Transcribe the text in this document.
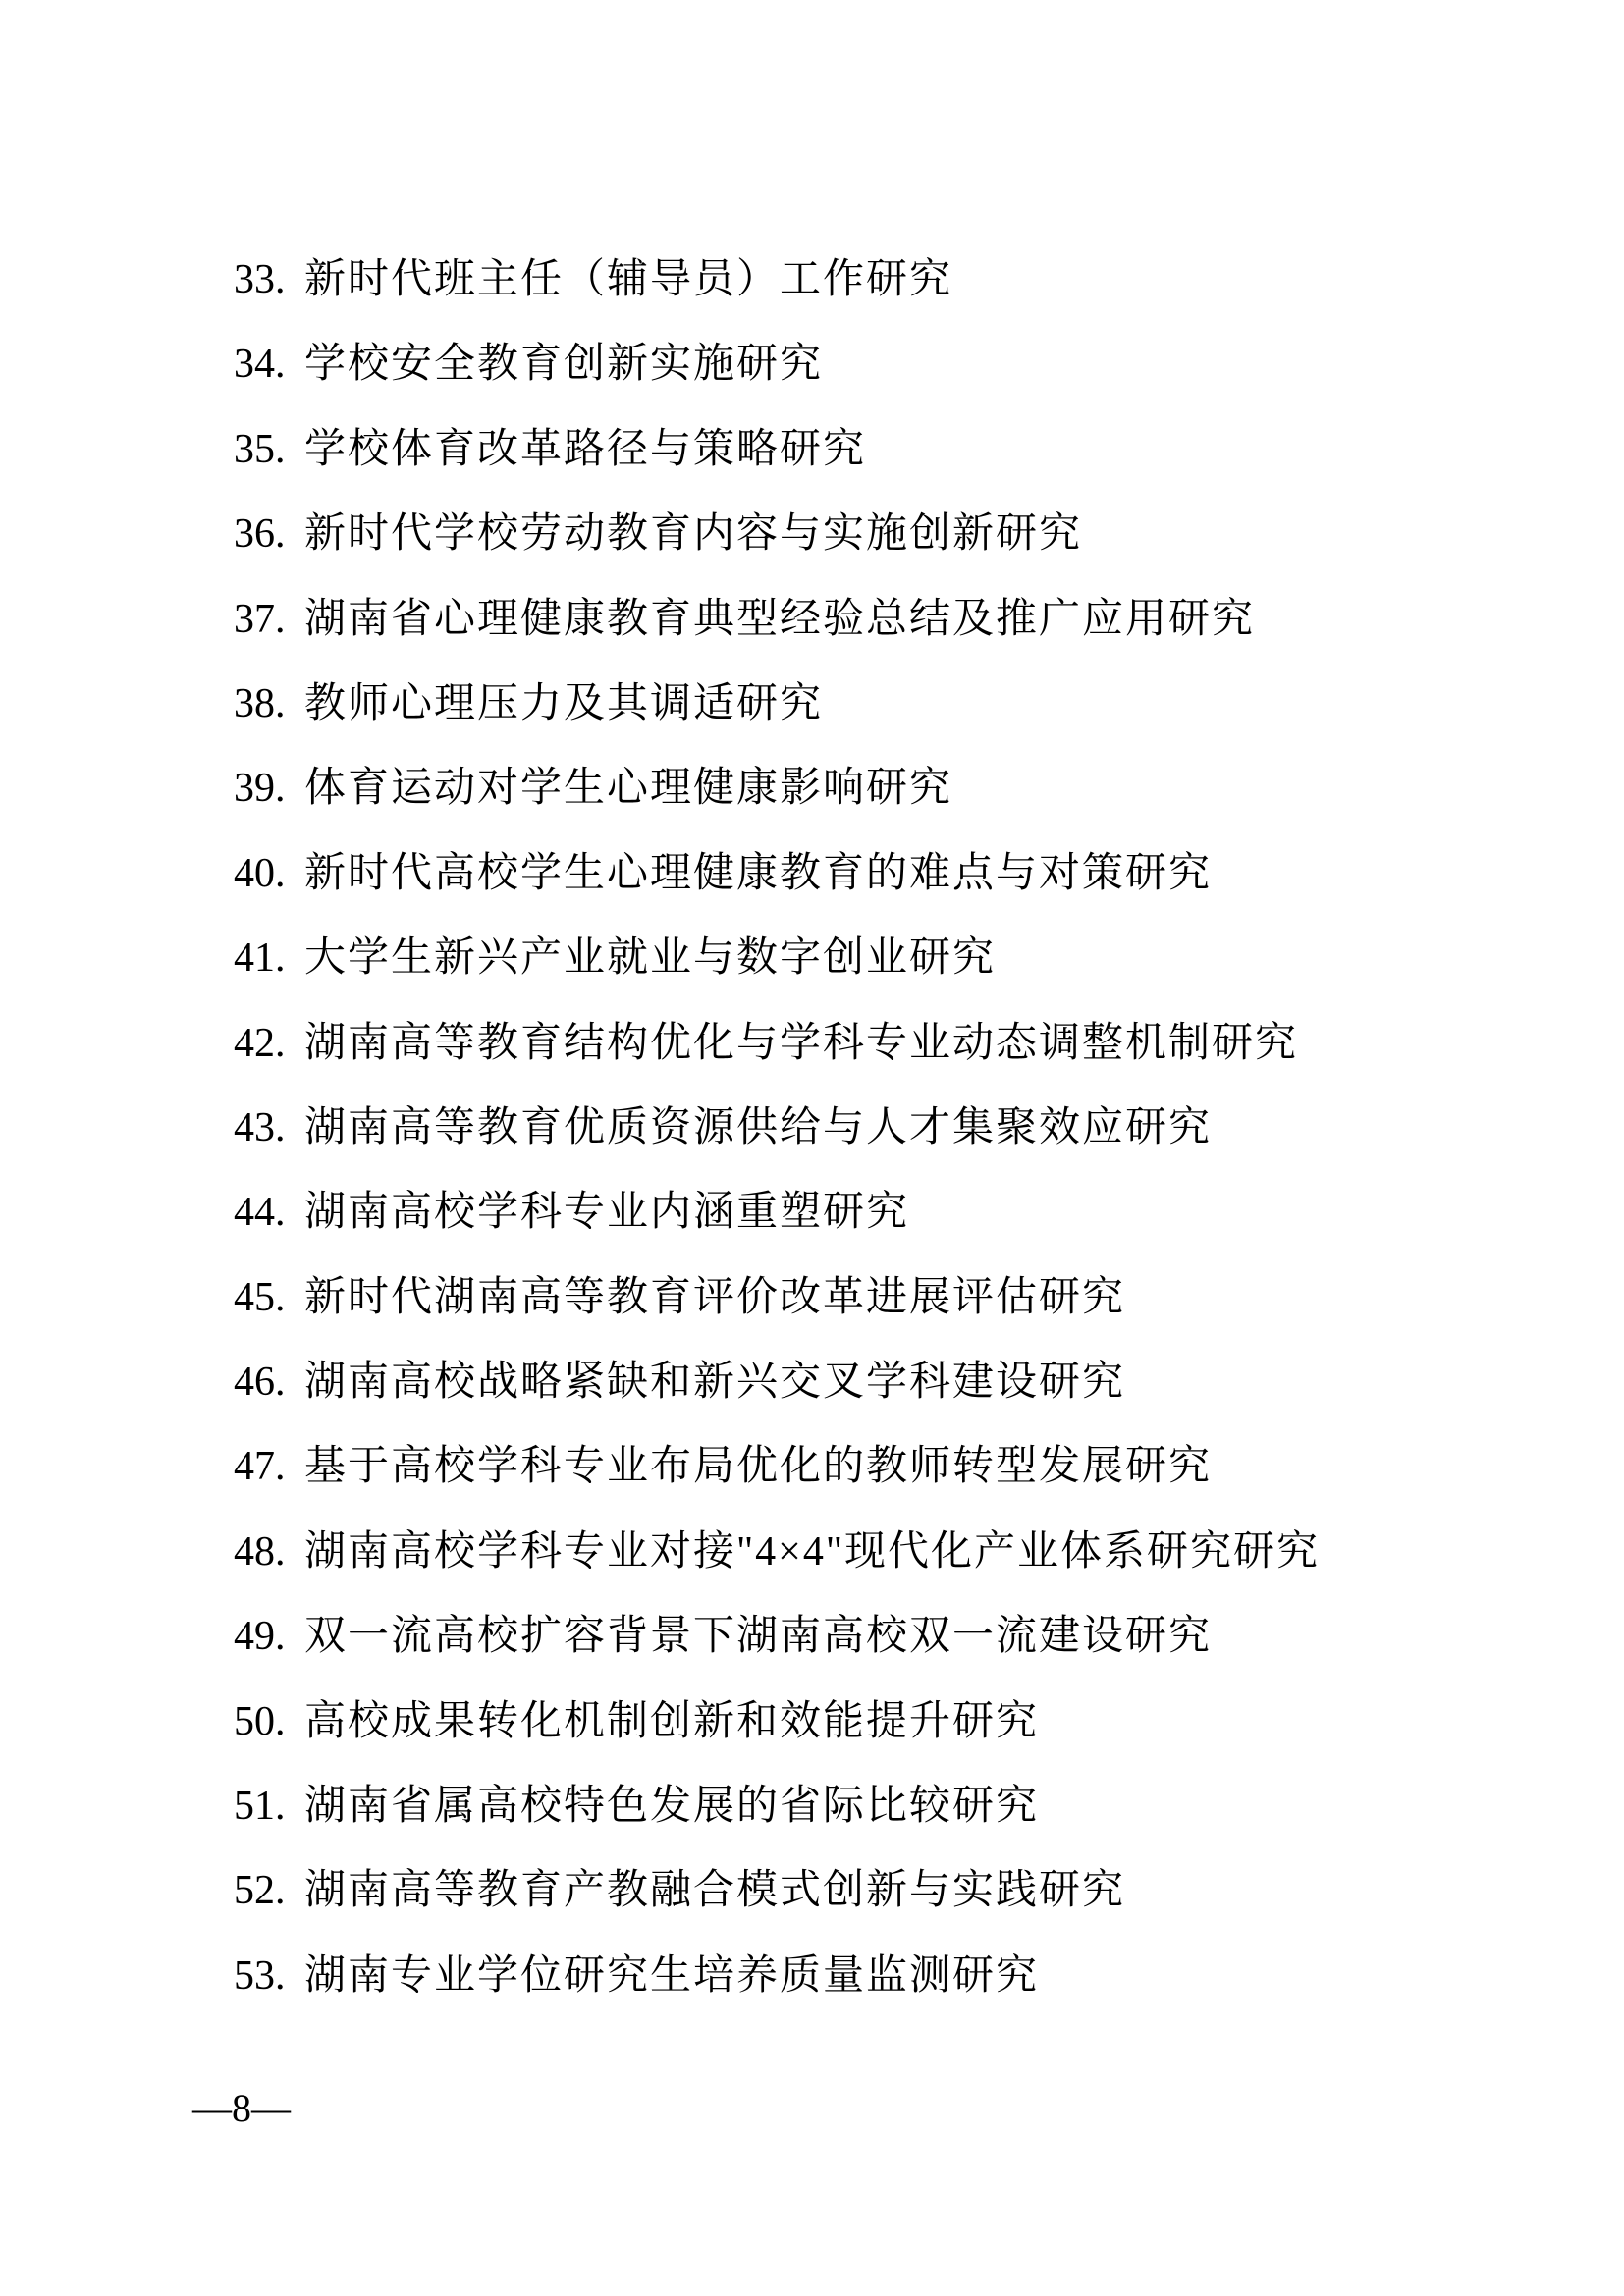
33. 新时代班主任（辅导员）工作研究
34. 学校安全教育创新实施研究
35. 学校体育改革路径与策略研究
36. 新时代学校劳动教育内容与实施创新研究
37. 湖南省心理健康教育典型经验总结及推广应用研究
38. 教师心理压力及其调适研究
39. 体育运动对学生心理健康影响研究
40. 新时代高校学生心理健康教育的难点与对策研究
41. 大学生新兴产业就业与数字创业研究
42. 湖南高等教育结构优化与学科专业动态调整机制研究
43. 湖南高等教育优质资源供给与人才集聚效应研究
44. 湖南高校学科专业内涵重塑研究
45. 新时代湖南高等教育评价改革进展评估研究
46. 湖南高校战略紧缺和新兴交叉学科建设研究
47. 基于高校学科专业布局优化的教师转型发展研究
48. 湖南高校学科专业对接"4×4"现代化产业体系研究研究
49. 双一流高校扩容背景下湖南高校双一流建设研究
50. 高校成果转化机制创新和效能提升研究
51. 湖南省属高校特色发展的省际比较研究
52. 湖南高等教育产教融合模式创新与实践研究
53. 湖南专业学位研究生培养质量监测研究
—8—
